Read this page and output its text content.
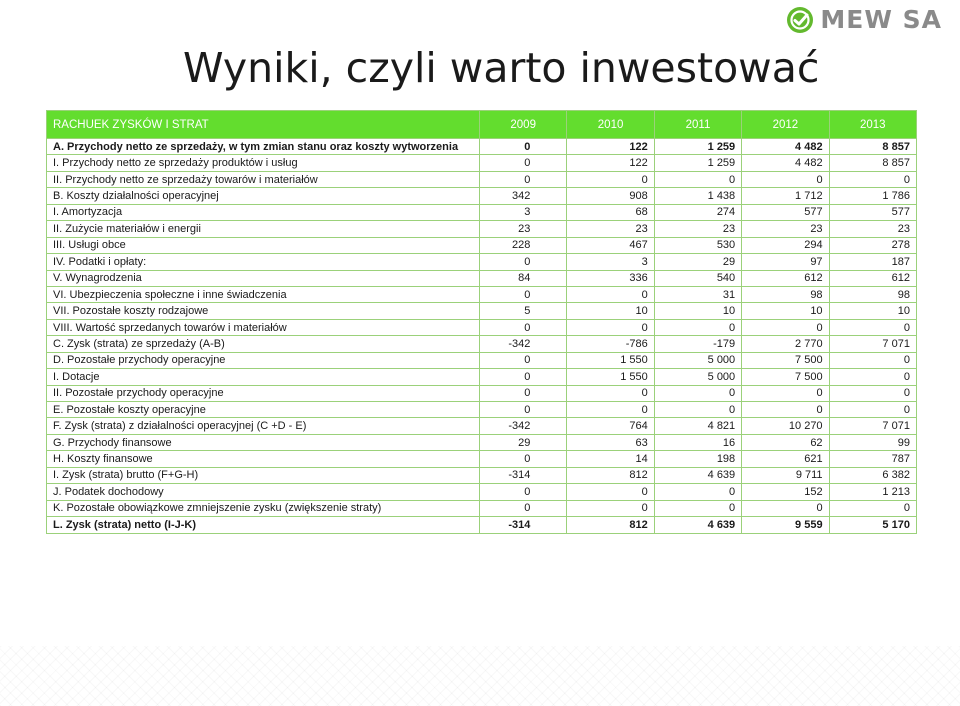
MEW SA
Wyniki, czyli warto inwestować
RACHUEK ZYSKÓW I STRAT	2009	2010	2011	2012	2013
A. Przychody netto ze sprzedaży, w tym zmian stanu oraz koszty wytworzenia	0	122	1 259	4 482	8 857
I. Przychody netto ze sprzedaży produktów i usług	0	122	1 259	4 482	8 857
II. Przychody netto ze sprzedaży towarów i materiałów	0	0	0	0	0
B. Koszty działalności operacyjnej	342	908	1 438	1 712	1 786
I. Amortyzacja	3	68	274	577	577
II. Zużycie materiałów i energii	23	23	23	23	23
III. Usługi obce	228	467	530	294	278
IV. Podatki i opłaty:	0	3	29	97	187
V. Wynagrodzenia	84	336	540	612	612
VI. Ubezpieczenia społeczne i inne świadczenia	0	0	31	98	98
VII. Pozostałe koszty rodzajowe	5	10	10	10	10
VIII. Wartość sprzedanych towarów i materiałów	0	0	0	0	0
C. Zysk (strata) ze sprzedaży (A-B)	-342	-786	-179	2 770	7 071
D. Pozostałe przychody operacyjne	0	1 550	5 000	7 500	0
I. Dotacje	0	1 550	5 000	7 500	0
II. Pozostałe przychody operacyjne	0	0	0	0	0
E. Pozostałe koszty operacyjne	0	0	0	0	0
F. Zysk (strata) z działalności operacyjnej (C +D - E)	-342	764	4 821	10 270	7 071
G. Przychody finansowe	29	63	16	62	99
H. Koszty finansowe	0	14	198	621	787
I. Zysk (strata) brutto (F+G-H)	-314	812	4 639	9 711	6 382
J. Podatek dochodowy	0	0	0	152	1 213
K. Pozostałe obowiązkowe zmniejszenie zysku (zwiększenie straty)	0	0	0	0	0
L. Zysk (strata) netto (I-J-K)	-314	812	4 639	9 559	5 170
